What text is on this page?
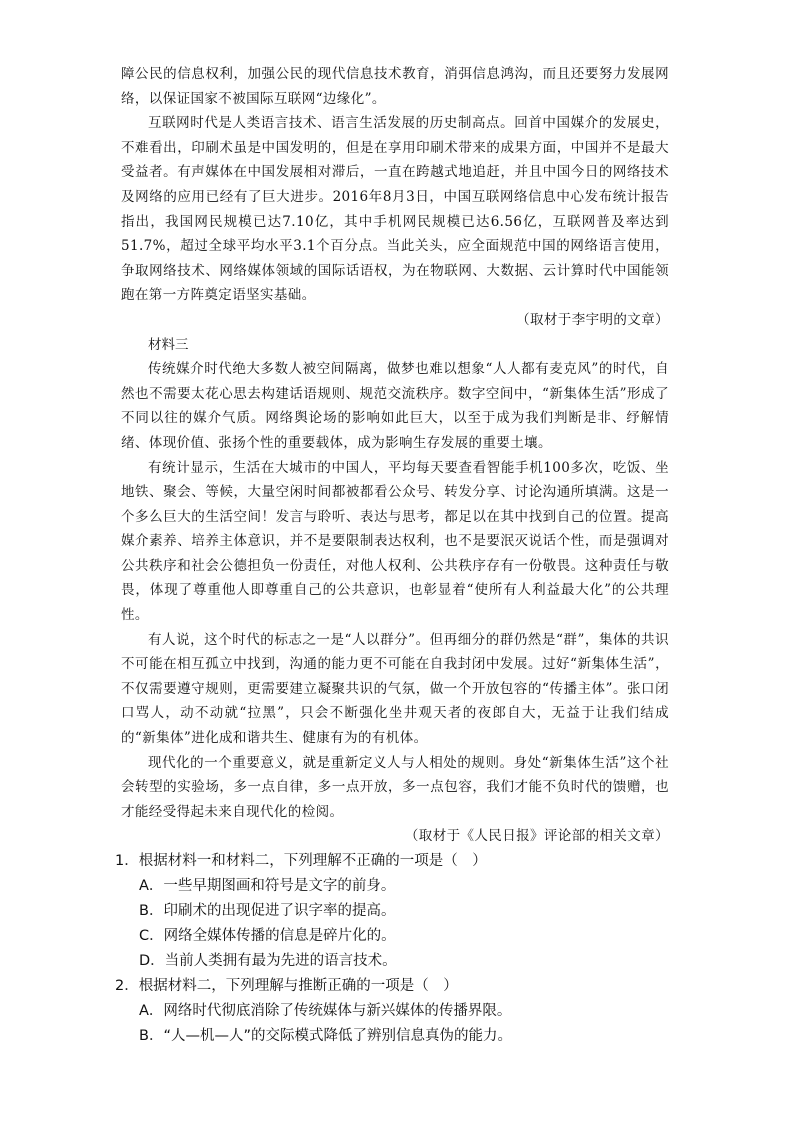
障公民的信息权利，加强公民的现代信息技术教育，消弭信息鸿沟，而且还要努力发展网络，以保证国家不被国际互联网“边缘化”。

互联网时代是人类语言技术、语言生活发展的历史制高点。回首中国媒介的发展史，不难看出，印刷术虽是中国发明的，但是在享用印刷术带来的成果方面，中国并不是最大受益者。有声媒体在中国发展相对滞后，一直在跨越式地追赶，并且中国今日的网络技术及网络的应用已经有了巨大进步。2016年8月3日，中国互联网络信息中心发布统计报告指出，我国网民规模已达7.10亿，其中手机网民规模已达6.56亿，互联网普及率达到51.7%，超过全球平均水平3.1个百分点。当此关头，应全面规范中国的网络语言使用，争取网络技术、网络媒体领域的国际话语权，为在物联网、大数据、云计算时代中国能领跑在第一方阵奠定语坚实基础。

（取材于李宇明的文章）

材料三

传统媒介时代绝大多数人被空间隔离，做梦也难以想象“人人都有麦克风”的时代，自然也不需要太花心思去构建话语规则、规范交流秩序。数字空间中，“新集体生活”形成了不同以往的媒介气质。网络舆论场的影响如此巨大，以至于成为我们判断是非、纾解情绪、体现价值、张扬个性的重要载体，成为影响生存发展的重要土壤。

有统计显示，生活在大城市的中国人，平均每天要查看智能手机100多次，吃饭、坐地铁、聚会、等候，大量空闲时间都被都看公众号、转发分享、讨论沟通所填满。这是一个多么巨大的生活空间！发言与聆听、表达与思考，都足以在其中找到自己的位置。提高媒介素养、培养主体意识，并不是要限制表达权利，也不是要泯灭说话个性，而是强调对公共秩序和社会公德担负一份责任，对他人权利、公共秩序存有一份敬畏。这种责任与敬畏，体现了尊重他人即尊重自己的公共意识，也彰显着“使所有人利益最大化”的公共理性。

有人说，这个时代的标志之一是“人以群分”。但再细分的群仍然是“群”，集体的共识不可能在相互孤立中找到，沟通的能力更不可能在自我封闭中发展。过好“新集体生活”，不仅需要遵守规则，更需要建立凝聚共识的气氛，做一个开放包容的“传播主体”。张口闭口骂人，动不动就“拉黑”，只会不断强化坐井观天者的夜郎自大，无益于让我们结成的“新集体”进化成和谐共生、健康有为的有机体。

现代化的一个重要意义，就是重新定义人与人相处的规则。身处“新集体生活”这个社会转型的实验场，多一点自律，多一点开放，多一点包容，我们才能不负时代的馈赠，也才能经受得起未来自现代化的检阅。

（取材于《人民日报》评论部的相关文章）

1．根据材料一和材料二，下列理解不正确的一项是（　）

A．一些早期图画和符号是文字的前身。

B．印刷术的出现促进了识字率的提高。

C．网络全媒体传播的信息是碎片化的。

D．当前人类拥有最为先进的语言技术。

2．根据材料二，下列理解与推断正确的一项是（　）

A．网络时代彻底消除了传统媒体与新兴媒体的传播界限。

B．“人—机—人”的交际模式降低了辨别信息真伪的能力。
